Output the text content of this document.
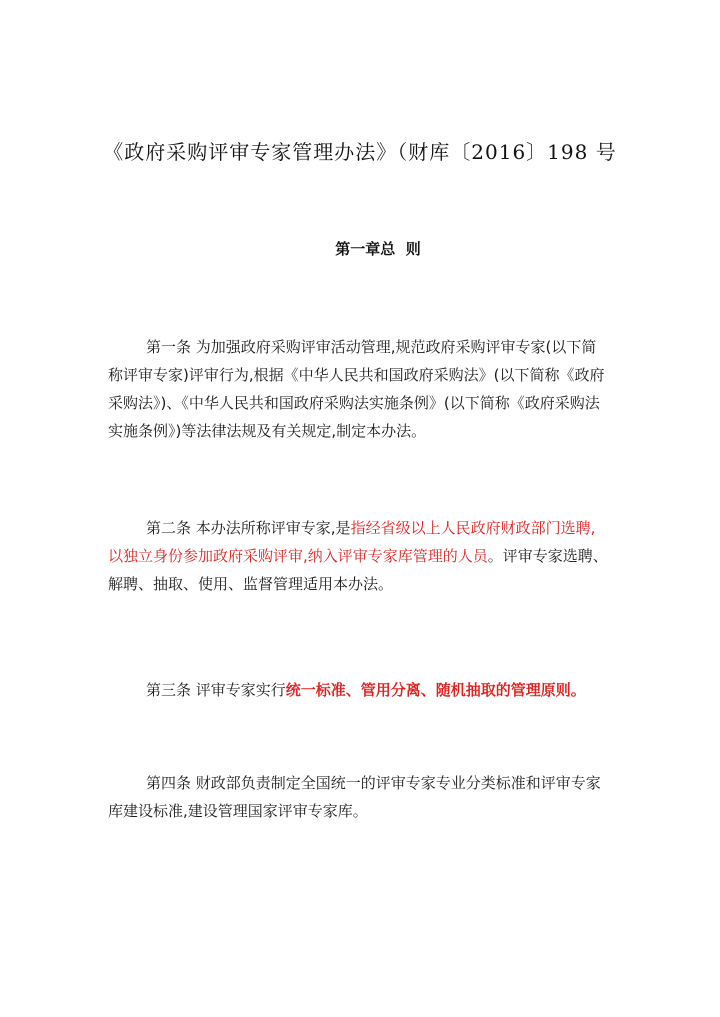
《政府采购评审专家管理办法》（财库〔2016〕198 号
第一章总  则

第一条 为加强政府采购评审活动管理,规范政府采购评审专家(以下简称评审专家)评审行为,根据《中华人民共和国政府采购法》(以下简称《政府采购法》)、《中华人民共和国政府采购法实施条例》(以下简称《政府采购法实施条例》)等法律法规及有关规定,制定本办法。

第二条 本办法所称评审专家,是指经省级以上人民政府财政部门选聘,以独立身份参加政府采购评审,纳入评审专家库管理的人员。评审专家选聘、解聘、抽取、使用、监督管理适用本办法。

第三条 评审专家实行统一标准、管用分离、随机抽取的管理原则。

第四条 财政部负责制定全国统一的评审专家专业分类标准和评审专家库建设标准,建设管理国家评审专家库。
